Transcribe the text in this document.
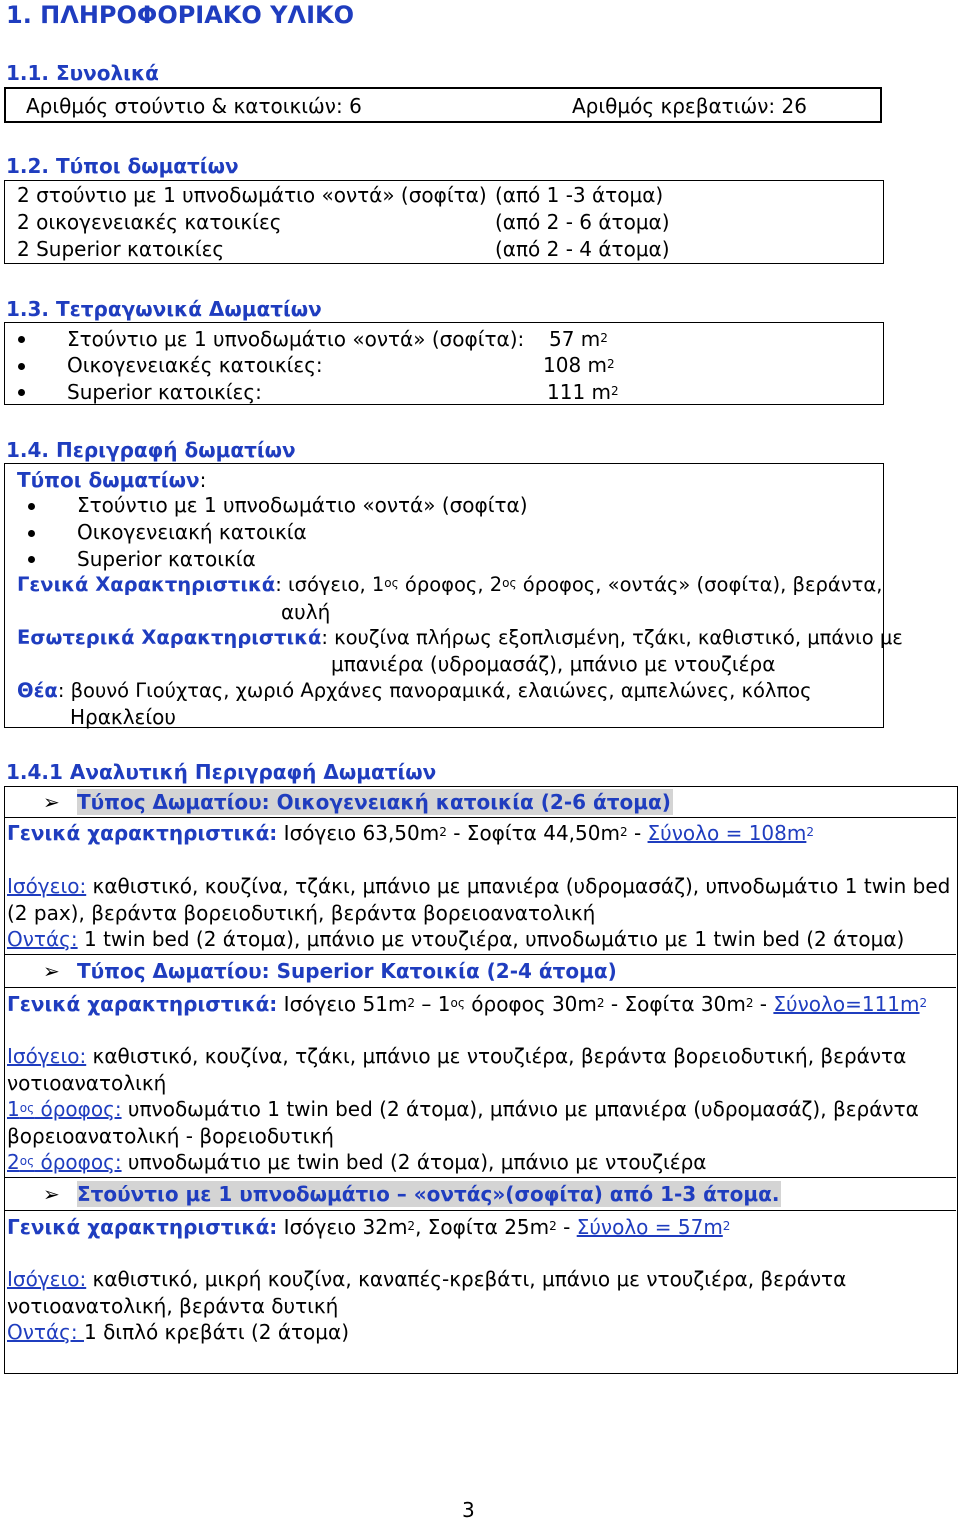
1. ΠΛΗΡΟΦΟΡΙΑΚΟ ΥΛΙΚΟ
1.1. Συνολικά
Αριθμός στούντιο & κατοικιών: 6	Αριθμός κρεβατιών: 26
1.2. Τύποι δωματίων
2 στούντιο με 1 υπνοδωμάτιο «οντά» (σοφίτα) (από 1 -3 άτομα)
2 οικογενειακές κατοικίες	(από 2 - 6 άτομα)
2 Superior κατοικίες	(από 2 - 4 άτομα)
1.3. Τετραγωνικά Δωματίων
Στούντιο με 1 υπνοδωμάτιο «οντά» (σοφίτα): 57 $m^2$
Οικογενειακές κατοικίες:	108 $m^2$
Superior κατοικίες:	111 $m^2$
1.4. Περιγραφή δωματίων
Τύποι δωματίων:
Στούντιο με 1 υπνοδωμάτιο «οντά» (σοφίτα)
Οικογενειακή κατοικία
Superior κατοικία
Γενικά Χαρακτηριστικά: ισόγειο, $1^{o\varsigma}$ όροφος, $2^{o\varsigma}$ όροφος, «οντάς» (σοφίτα), βεράντα,
αυλή
Εσωτερικά Χαρακτηριστικά: κουζίνα πλήρως εξοπλισμένη, τζάκι, καθιστικό, μπάνιο με
μπανιέρα (υδρομασάζ), μπάνιο με ντουζιέρα
Θέα: βουνό Γιούχτας, χωριό Αρχάνες πανοραμικά, ελαιώνες, αμπελώνες, κόλπος
Ηρακλείου
1.4.1 Αναλυτική Περιγραφή Δωματίων
➢ Τύπος Δωματίου: Οικογενειακή κατοικία (2-6 άτομα)
Γενικά χαρακτηριστικά: Ισόγειο $63,50m^2$ - Σοφίτα $44,50m^2 - \Sigma ύ\nu o\lambda o = 108m^2$
Ισόγειο: καθιστικό, κουζίνα, τζάκι, μπάνιο με μπανιέρα (υδρομασάζ), υπνοδωμάτιο 1 twin bed
(2 pax), βεράντα βορειοδυτική, βεράντα βορειοανατολική
Οντάς: 1 twin bed (2 άτομα), μπάνιο με ντουζιέρα, υπνοδωμάτιο με 1 twin bed (2 άτομα)
➢ Τύπος Δωματίου: Superior Κατοικία (2-4 άτομα)
Γενικά χαρακτηριστικά: Ισόγειο $51m^2 - 1^{o\varsigma}$ όροφος $30m^2$ - Σοφίτα $30m^2 - \Sigma ύ\nu o\lambda o=111m^2$
Ισόγειο: καθιστικό, κουζίνα, τζάκι, μπάνιο με ντουζιέρα, βεράντα βορειοδυτική, βεράντα
νοτιοανατολική
$1^{o\varsigma}$ όροφος: υπνοδωμάτιο 1 twin bed (2 άτομα), μπάνιο με μπανιέρα (υδρομασάζ), βεράντα
βορειοανατολική - βορειοδυτική
$2^{o\varsigma}$ όροφος: υπνοδωμάτιο με twin bed (2 άτομα), μπάνιο με ντουζιέρα
➢ Στούντιο με 1 υπνοδωμάτιο – «οντάς»(σοφίτα) από 1-3 άτομα.
Γενικά χαρακτηριστικά: Ισόγειο $32m^2$, Σοφίτα $25m^2 - \Sigma ύ\nu o\lambda o = 57m^2$
Ισόγειο: καθιστικό, μικρή κουζίνα, καναπές-κρεβάτι, μπάνιο με ντουζιέρα, βεράντα
νοτιοανατολική, βεράντα δυτική
Οντάς: 1 διπλό κρεβάτι (2 άτομα)
3
